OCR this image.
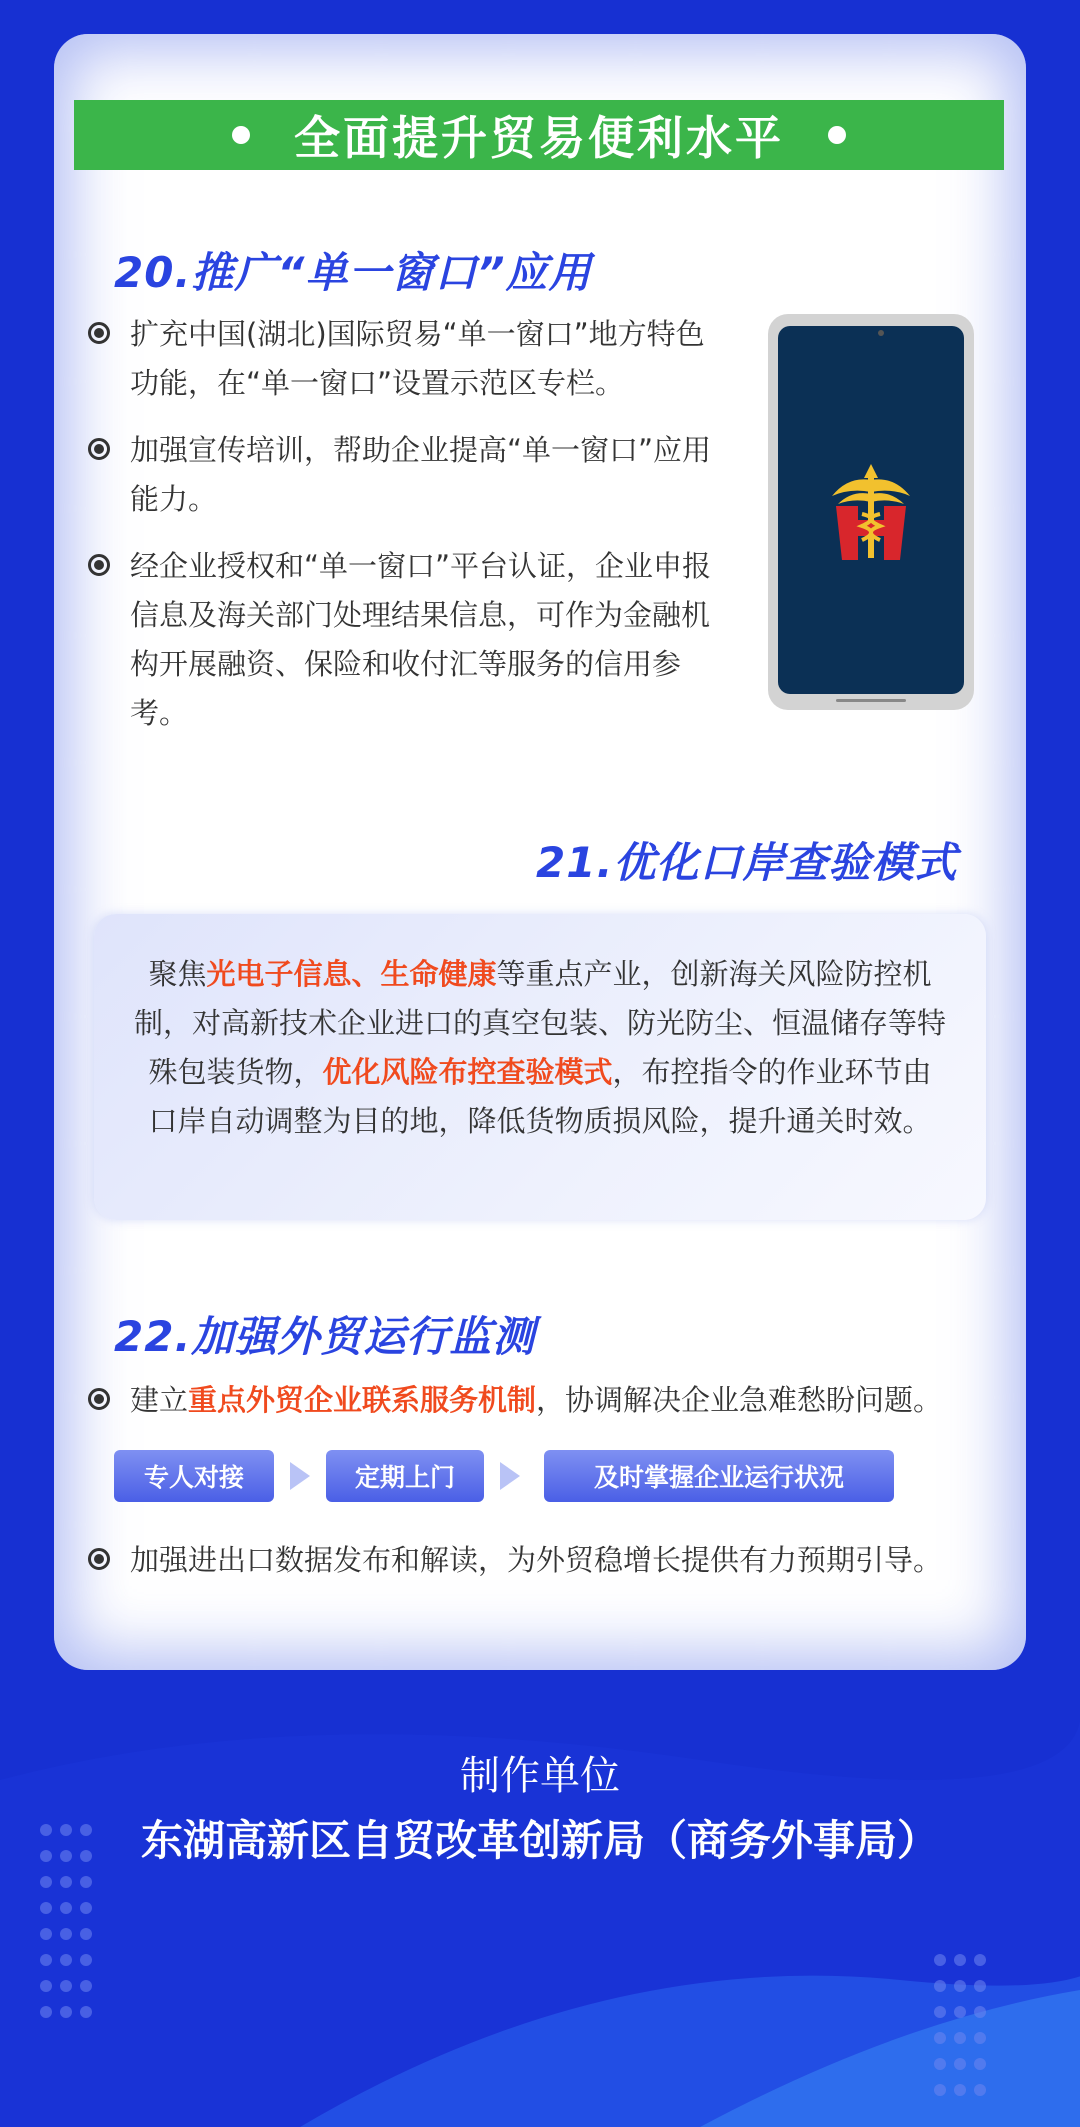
全面提升贸易便利水平
20.推广“单一窗口”应用
扩充中国(湖北)国际贸易“单一窗口”地方特色功能，在“单一窗口”设置示范区专栏。
加强宣传培训，帮助企业提高“单一窗口”应用能力。
经企业授权和“单一窗口”平台认证，企业申报信息及海关部门处理结果信息，可作为金融机构开展融资、保险和收付汇等服务的信用参考。
21.优化口岸查验模式

聚焦光电子信息、生命健康等重点产业，创新海关风险防控机制，对高新技术企业进口的真空包装、防光防尘、恒温储存等特殊包装货物，优化风险布控查验模式，布控指令的作业环节由口岸自动调整为目的地，降低货物质损风险，提升通关时效。

22.加强外贸运行监测
建立重点外贸企业联系服务机制，协调解决企业急难愁盼问题。
专人对接	定期上门	及时掌握企业运行状况
加强进出口数据发布和解读，为外贸稳增长提供有力预期引导。
制作单位
东湖高新区自贸改革创新局（商务外事局）
